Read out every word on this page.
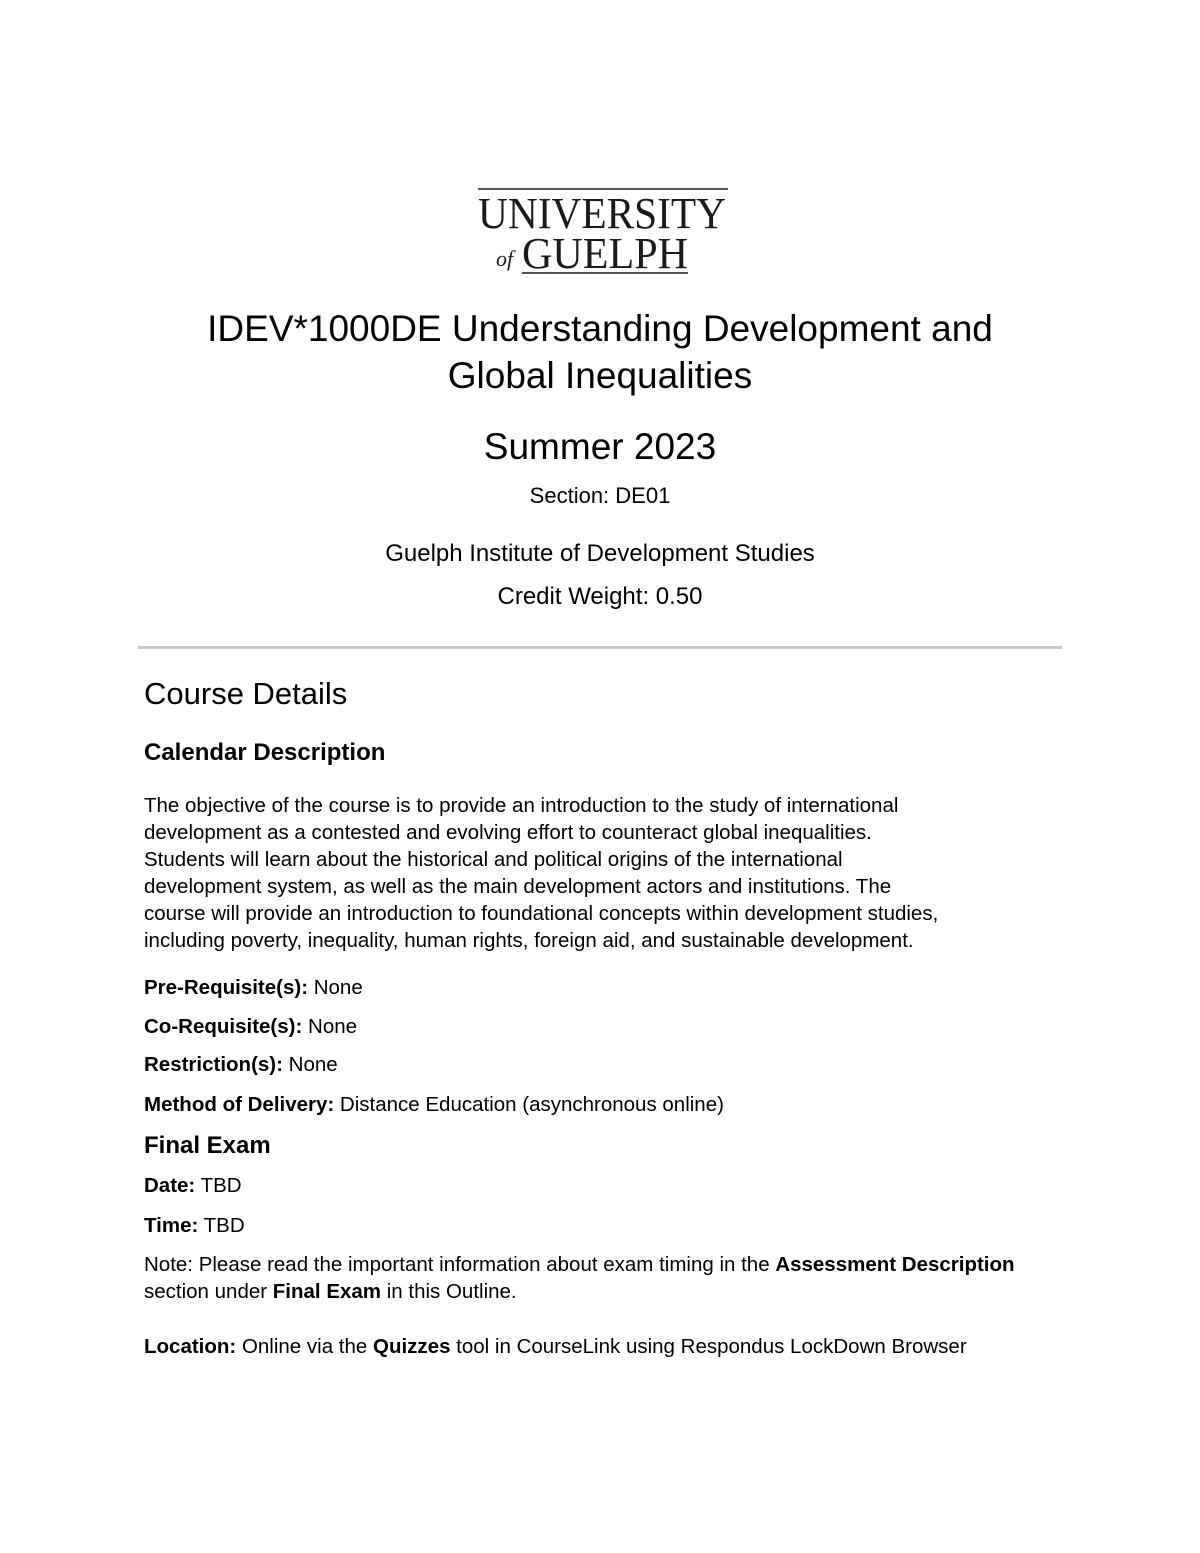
UNIVERSITY
of GUELPH
IDEV*1000DE Understanding Development and
Global Inequalities
Summer 2023
Section: DE01
Guelph Institute of Development Studies
Credit Weight: 0.50
Course Details
Calendar Description
The objective of the course is to provide an introduction to the study of international
development as a contested and evolving effort to counteract global inequalities.
Students will learn about the historical and political origins of the international
development system, as well as the main development actors and institutions. The
course will provide an introduction to foundational concepts within development studies,
including poverty, inequality, human rights, foreign aid, and sustainable development.
Pre-Requisite(s): None
Co-Requisite(s): None
Restriction(s): None
Method of Delivery: Distance Education (asynchronous online)
Final Exam
Date: TBD
Time: TBD
Note: Please read the important information about exam timing in the Assessment Description section under Final Exam in this Outline.
Location: Online via the Quizzes tool in CourseLink using Respondus LockDown Browser
